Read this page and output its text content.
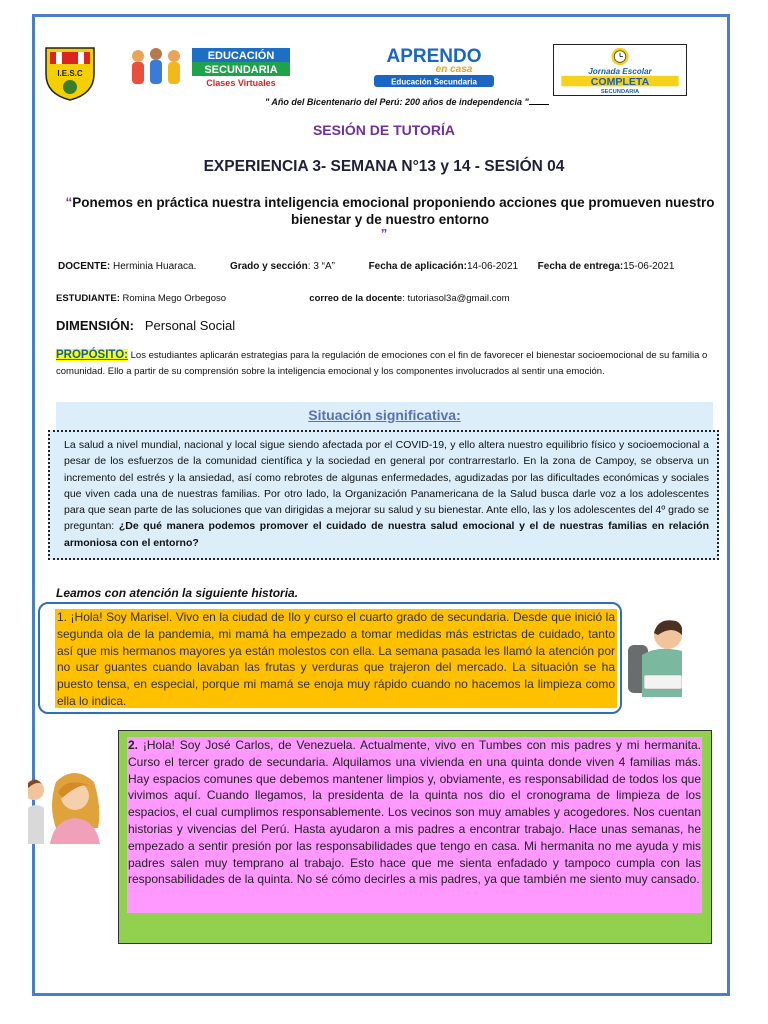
I.E.S.C
EDUCACIÓN
SECUNDARIA
Clases Virtuales
APRENDO
en casa
Educación Secundaria
Jornada Escolar
COMPLETA
SECUNDARIA
" Año del Bicentenario del Perú: 200 años de independencia "
SESIÓN DE TUTORÍA
EXPERIENCIA 3- SEMANA N°13 y 14 - SESIÓN 04
“Ponemos en práctica nuestra inteligencia emocional proponiendo acciones que promueven nuestro bienestar y de nuestro entorno
”
DOCENTE: Herminia Huaraca.	Grado y sección: 3 “A”	Fecha de aplicación:14-06-2021 Fecha de entrega:15-06-2021
ESTUDIANTE: Romina Mego Orbegoso	correo de la docente: tutoriasol3a@gmail.com
DIMENSIÓN: Personal Social
PROPÓSITO: Los estudiantes aplicarán estrategias para la regulación de emociones con el fin de favorecer el bienestar socioemocional de su familia o comunidad. Ello a partir de su comprensión sobre la inteligencia emocional y los componentes involucrados al sentir una emoción.
Situación significativa:
La salud a nivel mundial, nacional y local sigue siendo afectada por el COVID-19, y ello altera nuestro equilibrio físico y socioemocional a pesar de los esfuerzos de la comunidad científica y la sociedad en general por contrarrestarlo. En la zona de Campoy, se observa un incremento del estrés y la ansiedad, así como rebrotes de algunas enfermedades, agudizadas por las dificultades económicas y sociales que viven cada una de nuestras familias. Por otro lado, la Organización Panamericana de la Salud busca darle voz a los adolescentes para que sean parte de las soluciones que van dirigidas a mejorar su salud y su bienestar. Ante ello, las y los adolescentes del 4º grado se preguntan: ¿De qué manera podemos promover el cuidado de nuestra salud emocional y el de nuestras familias en relación armoniosa con el entorno?
Leamos con atención la siguiente historia.
1. ¡Hola! Soy Marisel. Vivo en la ciudad de Ilo y curso el cuarto grado de secundaria. Desde que inició la segunda ola de la pandemia, mi mamá ha empezado a tomar medidas más estrictas de cuidado, tanto así que mis hermanos mayores ya están molestos con ella. La semana pasada les llamó la atención por no usar guantes cuando lavaban las frutas y verduras que trajeron del mercado. La situación se ha puesto tensa, en especial, porque mi mamá se enoja muy rápido cuando no hacemos la limpieza como ella lo indica.
2. ¡Hola! Soy José Carlos, de Venezuela. Actualmente, vivo en Tumbes con mis padres y mi hermanita. Curso el tercer grado de secundaria. Alquilamos una vivienda en una quinta donde viven 4 familias más. Hay espacios comunes que debemos mantener limpios y, obviamente, es responsabilidad de todos los que vivimos aquí. Cuando llegamos, la presidenta de la quinta nos dio el cronograma de limpieza de los espacios, el cual cumplimos responsablemente. Los vecinos son muy amables y acogedores. Nos cuentan historias y vivencias del Perú. Hasta ayudaron a mis padres a encontrar trabajo. Hace unas semanas, he empezado a sentir presión por las responsabilidades que tengo en casa. Mi hermanita no me ayuda y mis padres salen muy temprano al trabajo. Esto hace que me sienta enfadado y tampoco cumpla con las responsabilidades de la quinta. No sé cómo decirles a mis padres, ya que también me siento muy cansado.
